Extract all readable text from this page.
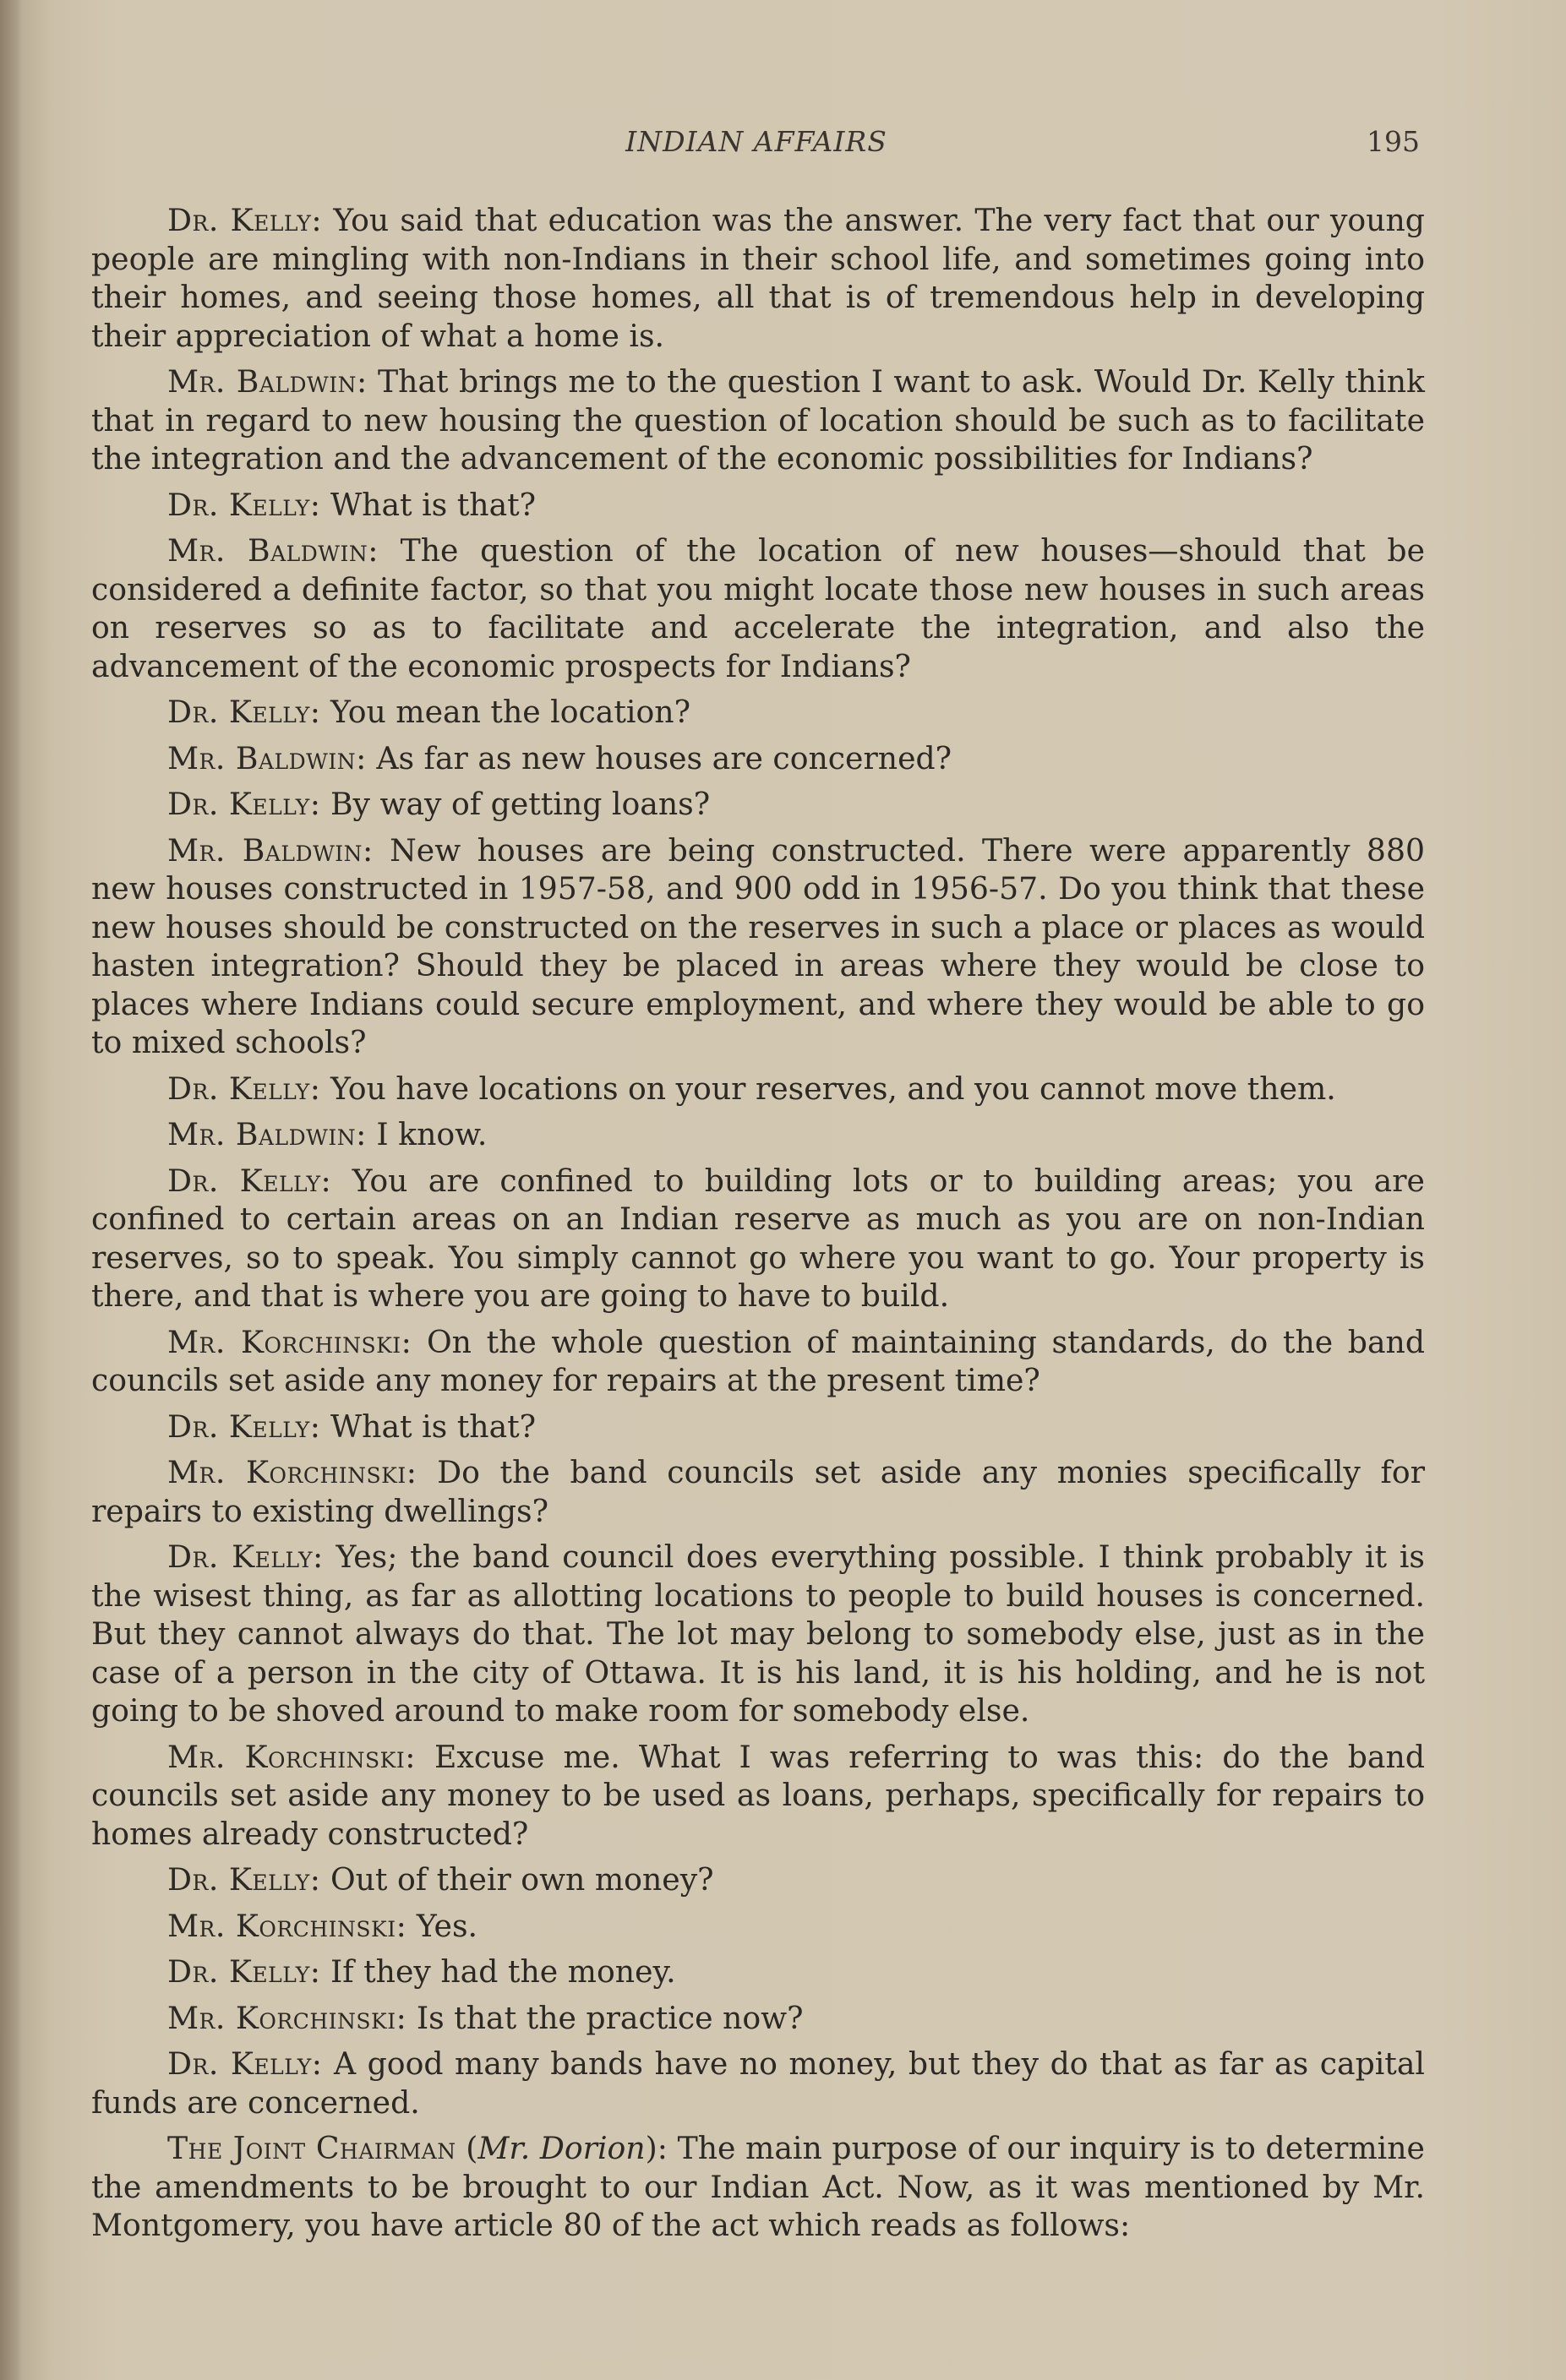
INDIAN AFFAIRS	195

Dr. Kelly: You said that education was the answer. The very fact that our young people are mingling with non-Indians in their school life, and sometimes going into their homes, and seeing those homes, all that is of tremendous help in developing their appreciation of what a home is.

Mr. Baldwin: That brings me to the question I want to ask. Would Dr. Kelly think that in regard to new housing the question of location should be such as to facilitate the integration and the advancement of the economic possibilities for Indians?

Dr. Kelly: What is that?

Mr. Baldwin: The question of the location of new houses—should that be considered a definite factor, so that you might locate those new houses in such areas on reserves so as to facilitate and accelerate the integration, and also the advancement of the economic prospects for Indians?

Dr. Kelly: You mean the location?

Mr. Baldwin: As far as new houses are concerned?

Dr. Kelly: By way of getting loans?

Mr. Baldwin: New houses are being constructed. There were apparently 880 new houses constructed in 1957-58, and 900 odd in 1956-57. Do you think that these new houses should be constructed on the reserves in such a place or places as would hasten integration? Should they be placed in areas where they would be close to places where Indians could secure employment, and where they would be able to go to mixed schools?

Dr. Kelly: You have locations on your reserves, and you cannot move them.

Mr. Baldwin: I know.

Dr. Kelly: You are confined to building lots or to building areas; you are confined to certain areas on an Indian reserve as much as you are on non-Indian reserves, so to speak. You simply cannot go where you want to go. Your property is there, and that is where you are going to have to build.

Mr. Korchinski: On the whole question of maintaining standards, do the band councils set aside any money for repairs at the present time?

Dr. Kelly: What is that?

Mr. Korchinski: Do the band councils set aside any monies specifically for repairs to existing dwellings?

Dr. Kelly: Yes; the band council does everything possible. I think probably it is the wisest thing, as far as allotting locations to people to build houses is concerned. But they cannot always do that. The lot may belong to somebody else, just as in the case of a person in the city of Ottawa. It is his land, it is his holding, and he is not going to be shoved around to make room for somebody else.

Mr. Korchinski: Excuse me. What I was referring to was this: do the band councils set aside any money to be used as loans, perhaps, specifically for repairs to homes already constructed?

Dr. Kelly: Out of their own money?

Mr. Korchinski: Yes.

Dr. Kelly: If they had the money.

Mr. Korchinski: Is that the practice now?

Dr. Kelly: A good many bands have no money, but they do that as far as capital funds are concerned.

The Joint Chairman (Mr. Dorion): The main purpose of our inquiry is to determine the amendments to be brought to our Indian Act. Now, as it was mentioned by Mr. Montgomery, you have article 80 of the act which reads as follows:
